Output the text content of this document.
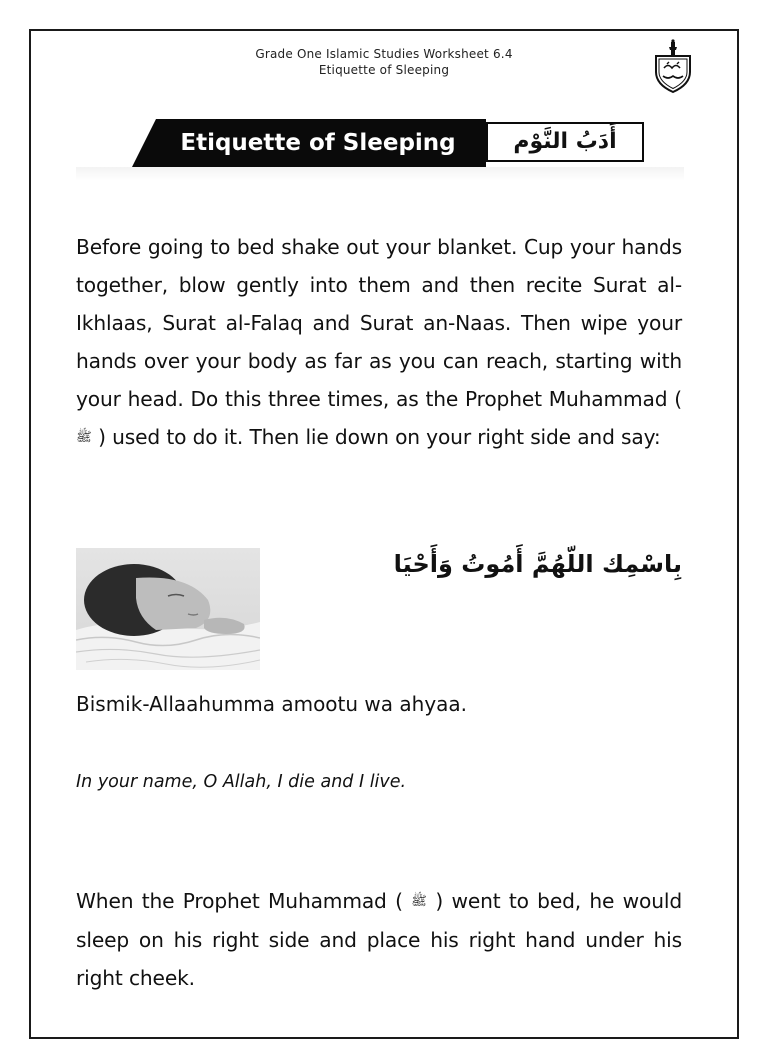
Grade One Islamic Studies Worksheet 6.4
Etiquette of Sleeping
Etiquette of Sleeping	أَدَبُ النَّوْم

Before going to bed shake out your blanket. Cup your hands together, blow gently into them and then recite Surat al-Ikhlaas, Surat al-Falaq and Surat an-Naas. Then wipe your hands over your body as far as you can reach, starting with your head. Do this three times, as the Prophet Muhammad ( ﷺ ) used to do it. Then lie down on your right side and say:

بِاسْمِك اللّهُمَّ أَمُوتُ وَأَحْيَا
Bismik-Allaahumma amootu wa ahyaa.
In your name, O Allah, I die and I live.

When the Prophet Muhammad ( ﷺ ) went to bed, he would sleep on his right side and place his right hand under his right cheek.
